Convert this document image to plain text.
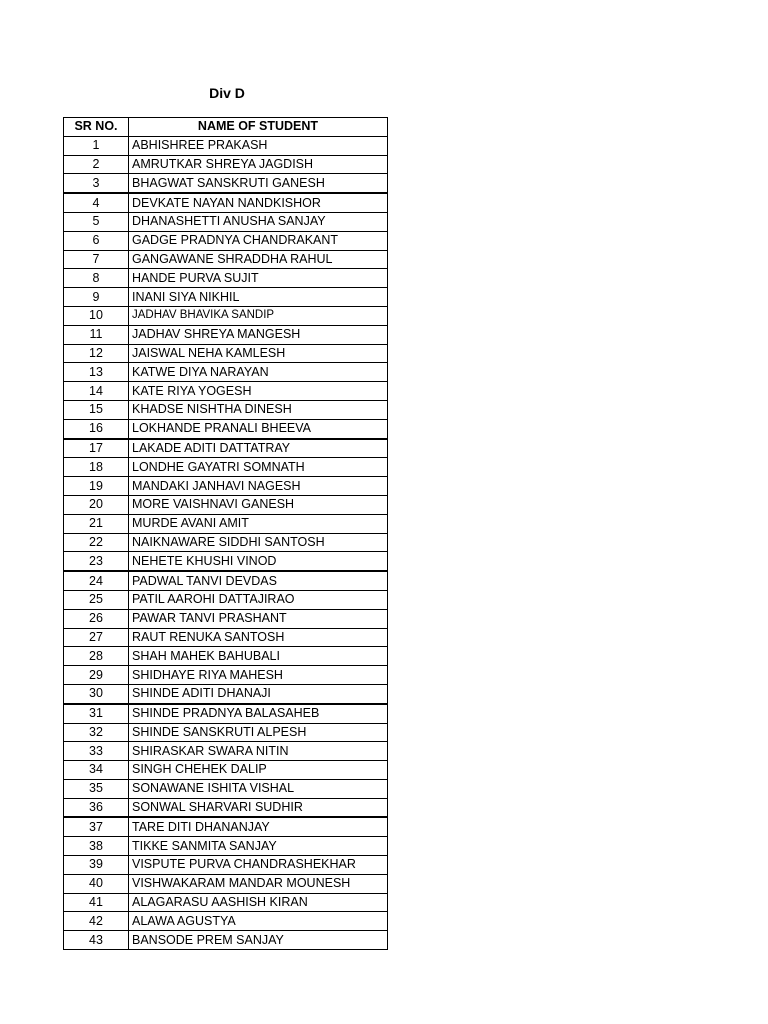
Div D
SR NO.	NAME OF STUDENT
1	ABHISHREE PRAKASH
2	AMRUTKAR SHREYA JAGDISH
3	BHAGWAT SANSKRUTI GANESH
4	DEVKATE NAYAN NANDKISHOR
5	DHANASHETTI ANUSHA SANJAY
6	GADGE PRADNYA CHANDRAKANT
7	GANGAWANE SHRADDHA RAHUL
8	HANDE PURVA SUJIT
9	INANI SIYA NIKHIL
10	JADHAV BHAVIKA SANDIP
11	JADHAV SHREYA MANGESH
12	JAISWAL NEHA KAMLESH
13	KATWE DIYA NARAYAN
14	KATE RIYA YOGESH
15	KHADSE NISHTHA DINESH
16	LOKHANDE PRANALI BHEEVA
17	LAKADE ADITI DATTATRAY
18	LONDHE GAYATRI SOMNATH
19	MANDAKI JANHAVI NAGESH
20	MORE VAISHNAVI GANESH
21	MURDE AVANI AMIT
22	NAIKNAWARE SIDDHI SANTOSH
23	NEHETE KHUSHI VINOD
24	PADWAL TANVI DEVDAS
25	PATIL AAROHI DATTAJIRAO
26	PAWAR TANVI PRASHANT
27	RAUT RENUKA SANTOSH
28	SHAH MAHEK BAHUBALI
29	SHIDHAYE RIYA MAHESH
30	SHINDE ADITI DHANAJI
31	SHINDE PRADNYA BALASAHEB
32	SHINDE SANSKRUTI ALPESH
33	SHIRASKAR SWARA NITIN
34	SINGH CHEHEK DALIP
35	SONAWANE ISHITA VISHAL
36	SONWAL SHARVARI SUDHIR
37	TARE DITI DHANANJAY
38	TIKKE SANMITA SANJAY
39	VISPUTE PURVA CHANDRASHEKHAR
40	VISHWAKARAM MANDAR MOUNESH
41	ALAGARASU AASHISH KIRAN
42	ALAWA AGUSTYA
43	BANSODE PREM SANJAY
